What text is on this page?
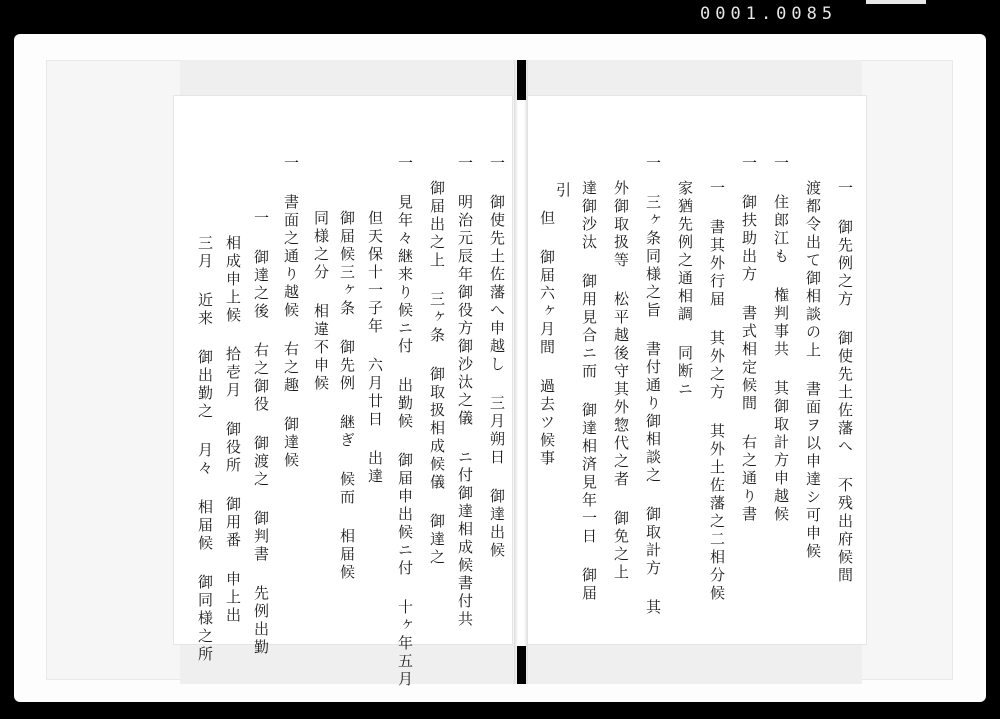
0001.0085
一 御先例之方 御使先土佐藩へ 不残出府候間
渡都令出て御相談の上 書面ヲ以申達シ可申候
一 住郎江も 権判事共 其御取計方申越候
一 御扶助出方 書式相定候間 右之通り書
一 書其外行届 其外之方 其外土佐藩之二相分候
家猶先例之通相調 同断ニ
一 三ヶ条同様之旨 書付通り御相談之 御取計方 其
外御取扱等 松平越後守其外惣代之者 御免之上
達御沙汰 御用見合ニ而 御達相済見年一日 御届
引
但 御届六ヶ月間 過去ツ候事
一 御使先土佐藩へ申越し 三月朔日 御達出候
一 明治元辰年御役方御沙汰之儀 ニ付御達相成候書付共
御届出之上 三ヶ条 御取扱相成候儀 御達之
一 見年々継来り候ニ付 出勤候 御届申出候ニ付 十ヶ年五月
但天保十一子年 六月廿日 出達
御届候三ヶ条 御先例 継ぎ 候而 相届候
同様之分 相違不申候
一 書面之通り越候 右之趣 御達候
一 御達之後 右之御役 御渡之 御判書 先例出勤
相成申上候 拾壱月 御役所 御用番 申上出
三月 近来 御出勤之 月々 相届候 御同様之所
